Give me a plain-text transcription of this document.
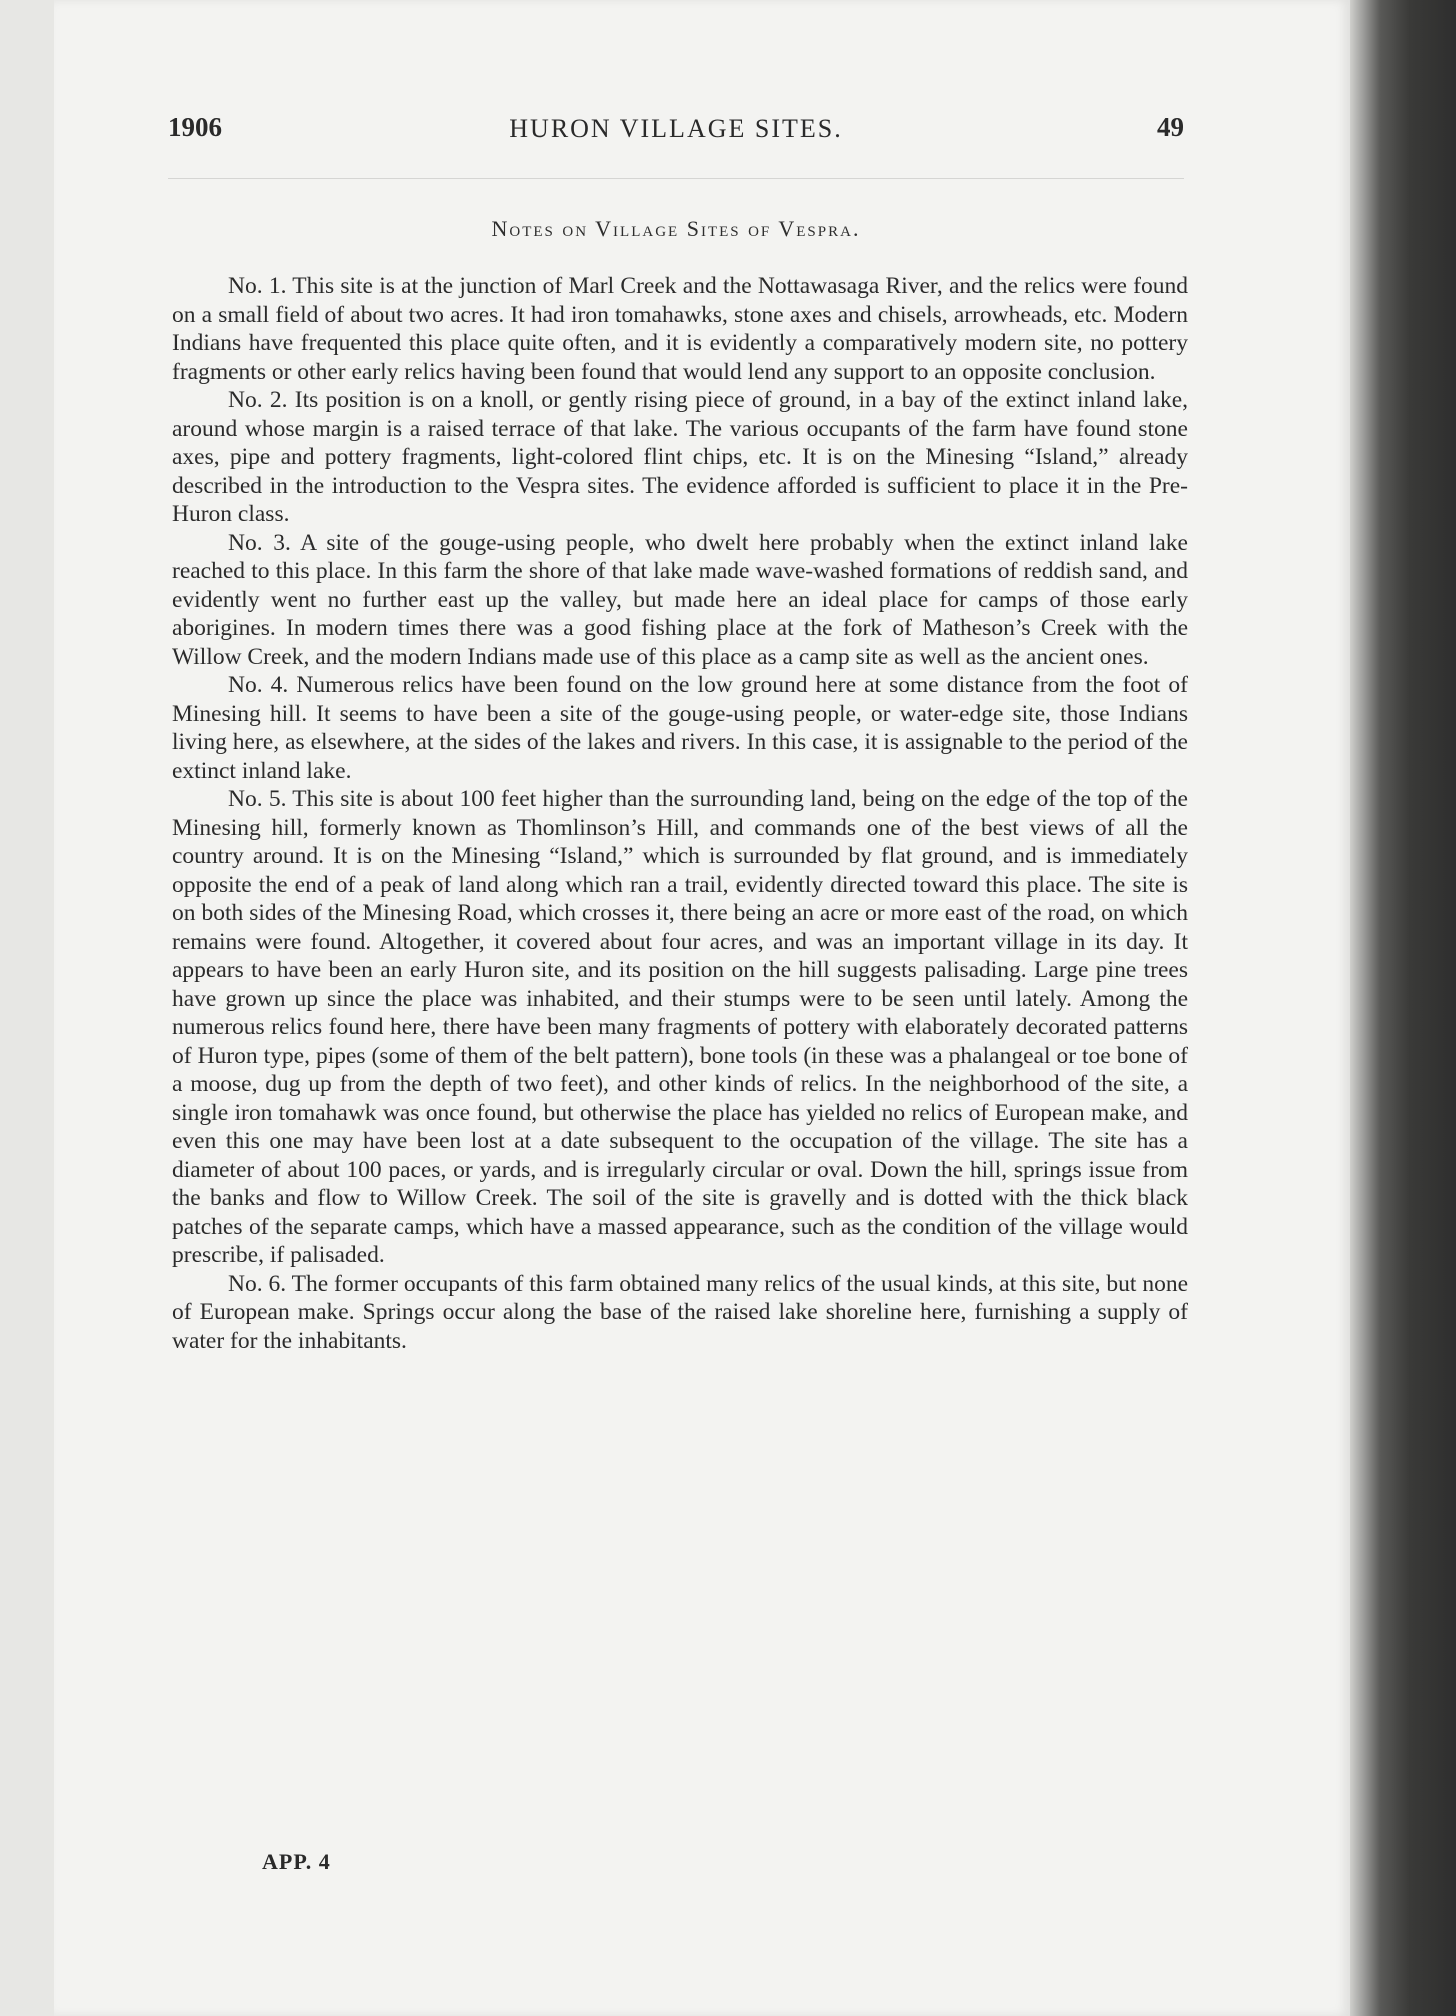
1906	HURON VILLAGE SITES.	49
Notes on Village Sites of Vespra.

No. 1. This site is at the junction of Marl Creek and the Nottawasaga River, and the relics were found on a small field of about two acres. It had iron tomahawks, stone axes and chisels, arrowheads, etc. Modern Indians have frequented this place quite often, and it is evidently a comparatively modern site, no pottery fragments or other early relics having been found that would lend any support to an opposite conclusion.

No. 2. Its position is on a knoll, or gently rising piece of ground, in a bay of the extinct inland lake, around whose margin is a raised terrace of that lake. The various occupants of the farm have found stone axes, pipe and pottery fragments, light-colored flint chips, etc. It is on the Minesing “Island,” already described in the introduction to the Vespra sites. The evidence afforded is sufficient to place it in the Pre-Huron class.

No. 3. A site of the gouge-using people, who dwelt here probably when the extinct inland lake reached to this place. In this farm the shore of that lake made wave-washed formations of reddish sand, and evidently went no further east up the valley, but made here an ideal place for camps of those early aborigines. In modern times there was a good fishing place at the fork of Matheson’s Creek with the Willow Creek, and the modern Indians made use of this place as a camp site as well as the ancient ones.

No. 4. Numerous relics have been found on the low ground here at some distance from the foot of Minesing hill. It seems to have been a site of the gouge-using people, or water-edge site, those Indians living here, as elsewhere, at the sides of the lakes and rivers. In this case, it is assignable to the period of the extinct inland lake.

No. 5. This site is about 100 feet higher than the surrounding land, being on the edge of the top of the Minesing hill, formerly known as Thomlinson’s Hill, and commands one of the best views of all the country around. It is on the Minesing “Island,” which is surrounded by flat ground, and is immediately opposite the end of a peak of land along which ran a trail, evidently directed toward this place. The site is on both sides of the Minesing Road, which crosses it, there being an acre or more east of the road, on which remains were found. Altogether, it covered about four acres, and was an important village in its day. It appears to have been an early Huron site, and its position on the hill suggests palisading. Large pine trees have grown up since the place was inhabited, and their stumps were to be seen until lately. Among the numerous relics found here, there have been many fragments of pottery with elaborately decorated patterns of Huron type, pipes (some of them of the belt pattern), bone tools (in these was a phalangeal or toe bone of a moose, dug up from the depth of two feet), and other kinds of relics. In the neighborhood of the site, a single iron tomahawk was once found, but otherwise the place has yielded no relics of European make, and even this one may have been lost at a date subsequent to the occupation of the village. The site has a diameter of about 100 paces, or yards, and is irregularly circular or oval. Down the hill, springs issue from the banks and flow to Willow Creek. The soil of the site is gravelly and is dotted with the thick black patches of the separate camps, which have a massed appearance, such as the condition of the village would prescribe, if palisaded.

No. 6. The former occupants of this farm obtained many relics of the usual kinds, at this site, but none of European make. Springs occur along the base of the raised lake shoreline here, furnishing a supply of water for the inhabitants.

APP. 4
